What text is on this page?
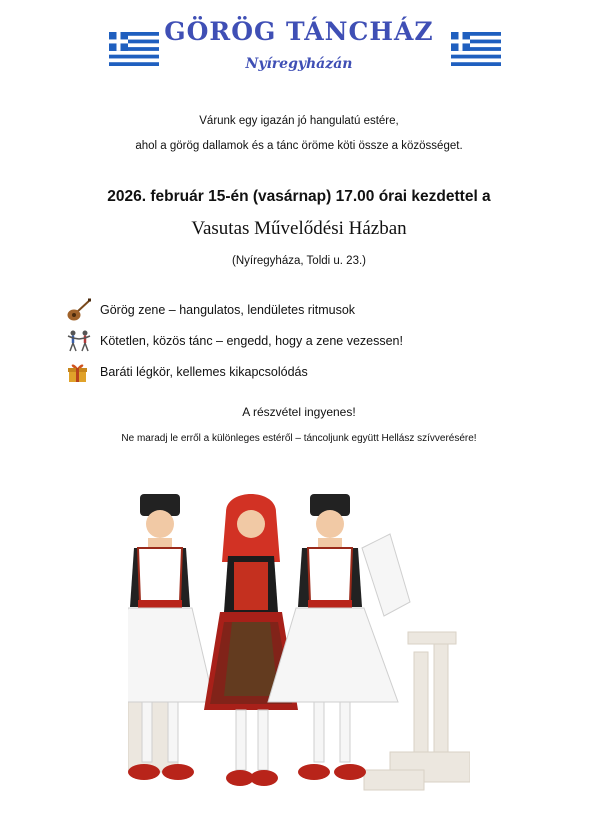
GÖRÖG TÁNCHÁZ
Nyíregyházán
Várunk egy igazán jó hangulatú estére,
ahol a görög dallamok és a tánc öröme köti össze a közösséget.
2026. február 15-én (vasárnap) 17.00 órai kezdettel a
Vasutas Művelődési Házban
(Nyíregyháza, Toldi u. 23.)
Görög zene – hangulatos, lendületes ritmusok
Kötetlen, közös tánc – engedd, hogy a zene vezessen!
Baráti légkör, kellemes kikapcsolódás
A részvétel ingyenes!
Ne maradj le erről a különleges estéről – táncoljunk együtt Hellász szívverésére!
